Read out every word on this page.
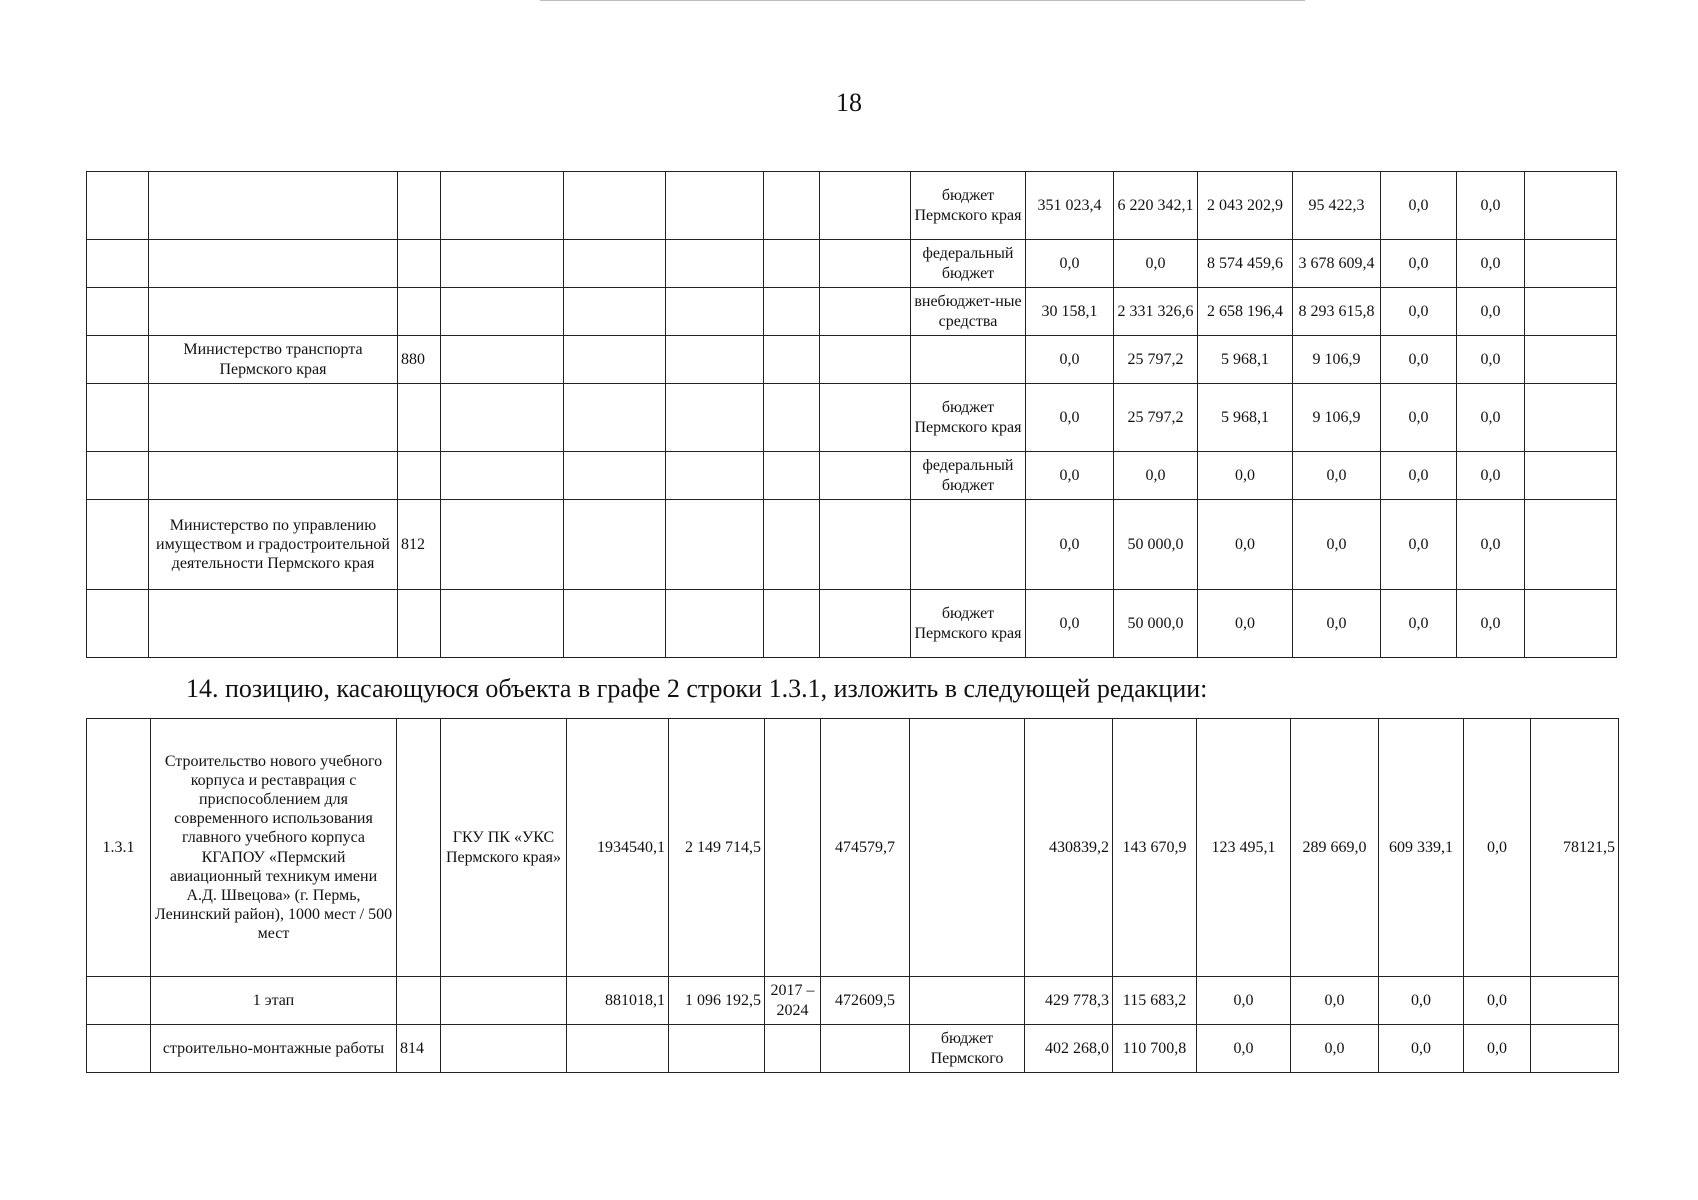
18
								бюджет Пермского края	351 023,4	6 220 342,1	2 043 202,9	95 422,3	0,0	0,0	
								федеральный бюджет	0,0	0,0	8 574 459,6	3 678 609,4	0,0	0,0	
								внебюджет-ные средства	30 158,1	2 331 326,6	2 658 196,4	8 293 615,8	0,0	0,0	
	Министерство транспорта Пермского края	880							0,0	25 797,2	5 968,1	9 106,9	0,0	0,0	
								бюджет Пермского края	0,0	25 797,2	5 968,1	9 106,9	0,0	0,0	
								федеральный бюджет	0,0	0,0	0,0	0,0	0,0	0,0	
	Министерство по управлению имуществом и градостроительной деятельности Пермского края	812							0,0	50 000,0	0,0	0,0	0,0	0,0	
								бюджет Пермского края	0,0	50 000,0	0,0	0,0	0,0	0,0	
14. позицию, касающуюся объекта в графе 2 строки 1.3.1, изложить в следующей редакции:
1.3.1	Строительство нового учебного корпуса и реставрация с приспособлением для современного использования главного учебного корпуса КГАПОУ «Пермский авиационный техникум имени А.Д. Швецова» (г. Пермь, Ленинский район), 1000 мест / 500 мест		ГКУ ПК «УКС Пермского края»	1934540,1	2 149 714,5		474579,7		430839,2	143 670,9	123 495,1	289 669,0	609 339,1	0,0	78121,5
	1 этап			881018,1	1 096 192,5	2017 – 2024	472609,5		429 778,3	115 683,2	0,0	0,0	0,0	0,0	
	строительно-монтажные работы	814						бюджет Пермского	402 268,0	110 700,8	0,0	0,0	0,0	0,0	
